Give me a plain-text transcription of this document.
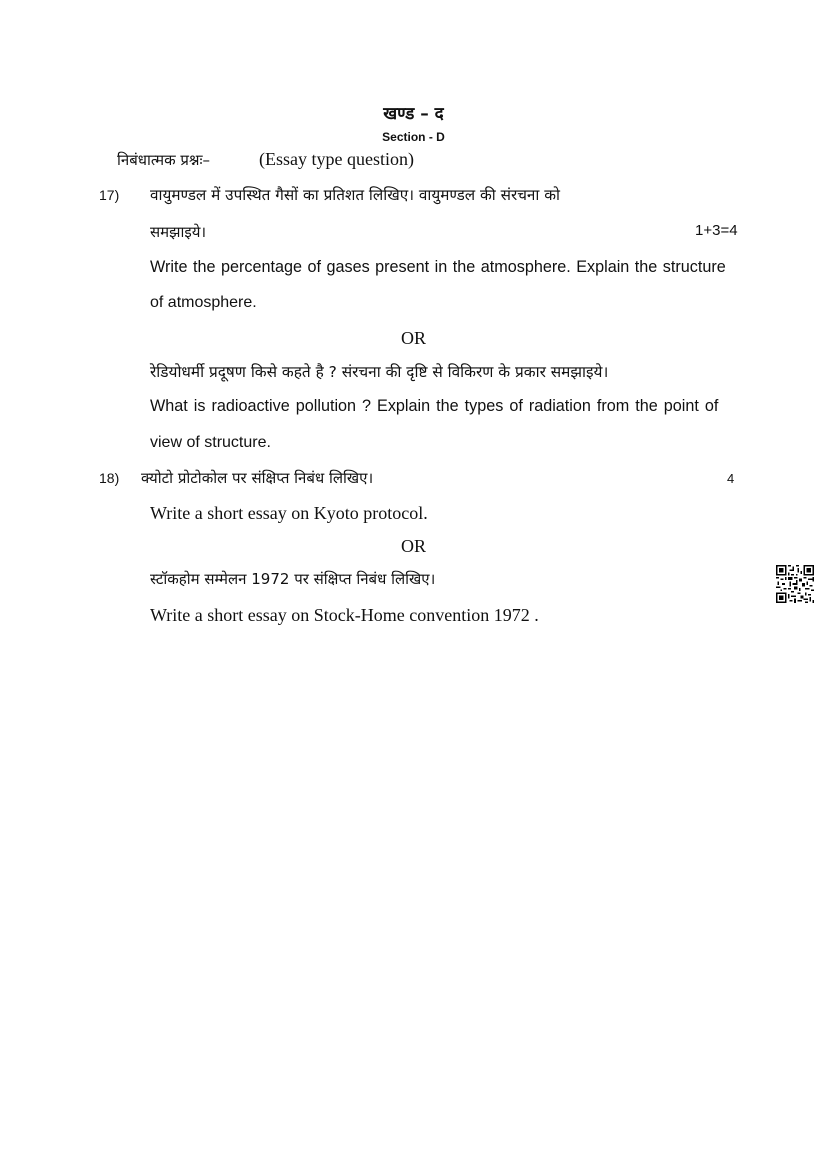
खण्ड – द
Section - D
निबंधात्मक प्रश्नः–	(Essay type question)
17) वायुमण्डल में उपस्थित गैसों का प्रतिशत लिखिए। वायुमण्डल की संरचना को
समझाइये।	1+3=4
Write the percentage of gases present in the atmosphere. Explain the structure
of atmosphere.
OR
रेडियोधर्मी प्रदूषण किसे कहते है ? संरचना की दृष्टि से विकिरण के प्रकार समझाइये।
What is radioactive pollution ? Explain the types of radiation from the point of
view of structure.
18) क्योटो प्रोटोकोल पर संक्षिप्त निबंध लिखिए।	4
Write a short essay on Kyoto protocol.
OR
स्टॉकहोम सम्मेलन 1972 पर संक्षिप्त निबंध लिखिए।
Write a short essay on Stock-Home convention 1972 .
